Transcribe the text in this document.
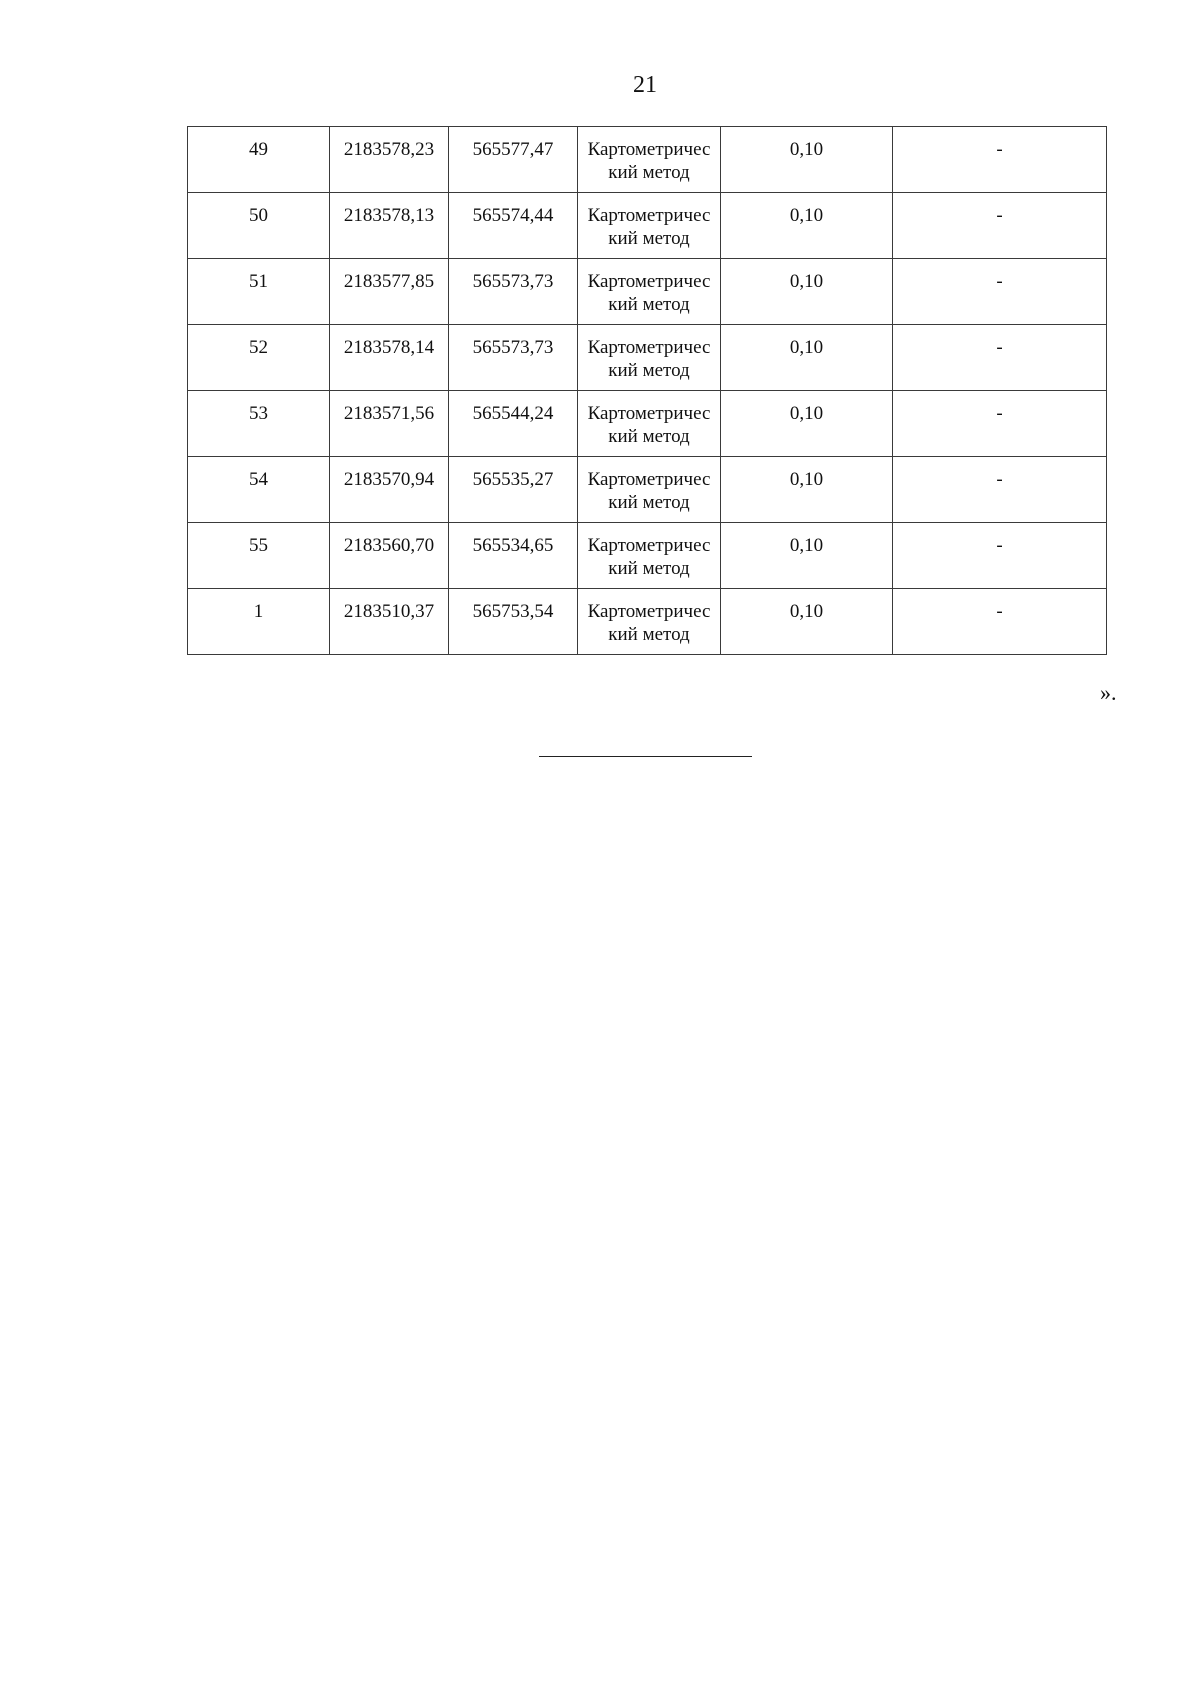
21
49	2183578,23	565577,47	Картометрический метод	0,10	-
50	2183578,13	565574,44	Картометрический метод	0,10	-
51	2183577,85	565573,73	Картометрический метод	0,10	-
52	2183578,14	565573,73	Картометрический метод	0,10	-
53	2183571,56	565544,24	Картометрический метод	0,10	-
54	2183570,94	565535,27	Картометрический метод	0,10	-
55	2183560,70	565534,65	Картометрический метод	0,10	-
1	2183510,37	565753,54	Картометрический метод	0,10	-
».
